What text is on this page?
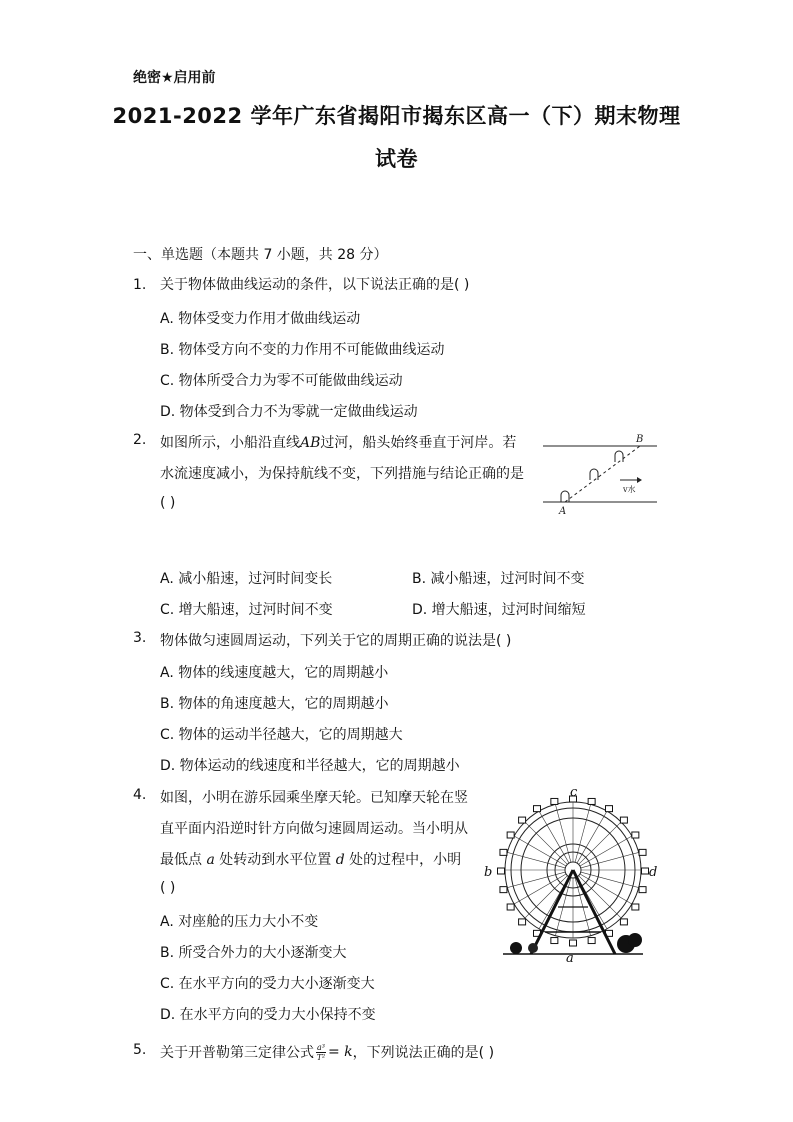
绝密★启用前
2021-2022 学年广东省揭阳市揭东区高一（下）期末物理
试卷
一、单选题（本题共 7 小题，共 28 分）
1. 关于物体做曲线运动的条件，以下说法正确的是( )
A. 物体受变力作用才做曲线运动
B. 物体受方向不变的力作用不可能做曲线运动
C. 物体所受合力为零不可能做曲线运动
D. 物体受到合力不为零就一定做曲线运动
2. 如图所示，小船沿直线AB过河，船头始终垂直于河岸。若
水流速度减小，为保持航线不变，下列措施与结论正确的是
( )
v水
A
B
A. 减小船速，过河时间变长	B. 减小船速，过河时间不变
C. 增大船速，过河时间不变	D. 增大船速，过河时间缩短
3. 物体做匀速圆周运动，下列关于它的周期正确的说法是( )
A. 物体的线速度越大，它的周期越小
B. 物体的角速度越大，它的周期越小
C. 物体的运动半径越大，它的周期越大
D. 物体运动的线速度和半径越大，它的周期越小
4. 如图，小明在游乐园乘坐摩天轮。已知摩天轮在竖
直平面内沿逆时针方向做匀速圆周运动。当小明从
最低点 a 处转动到水平位置 d 处的过程中，小明
( )
c
b	d
a
A. 对座舱的压力大小不变
B. 所受合外力的大小逐渐变大
C. 在水平方向的受力大小逐渐变大
D. 在水平方向的受力大小保持不变
5. 关于开普勒第三定律公式 $\frac{\text{a³}}{\text{T²}} = k$ ，下列说法正确的是( )
